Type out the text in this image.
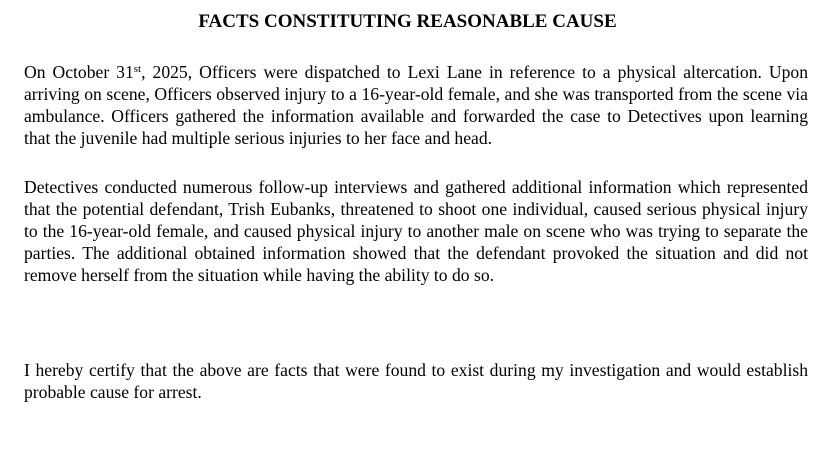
FACTS CONSTITUTING REASONABLE CAUSE

On October 31st, 2025, Officers were dispatched to Lexi Lane in reference to a physical altercation. Upon arriving on scene, Officers observed injury to a 16-year-old female, and she was transported from the scene via ambulance. Officers gathered the information available and forwarded the case to Detectives upon learning that the juvenile had multiple serious injuries to her face and head.

Detectives conducted numerous follow-up interviews and gathered additional information which represented that the potential defendant, Trish Eubanks, threatened to shoot one individual, caused serious physical injury to the 16-year-old female, and caused physical injury to another male on scene who was trying to separate the parties. The additional obtained information showed that the defendant provoked the situation and did not remove herself from the situation while having the ability to do so.

I hereby certify that the above are facts that were found to exist during my investigation and would establish probable cause for arrest.
